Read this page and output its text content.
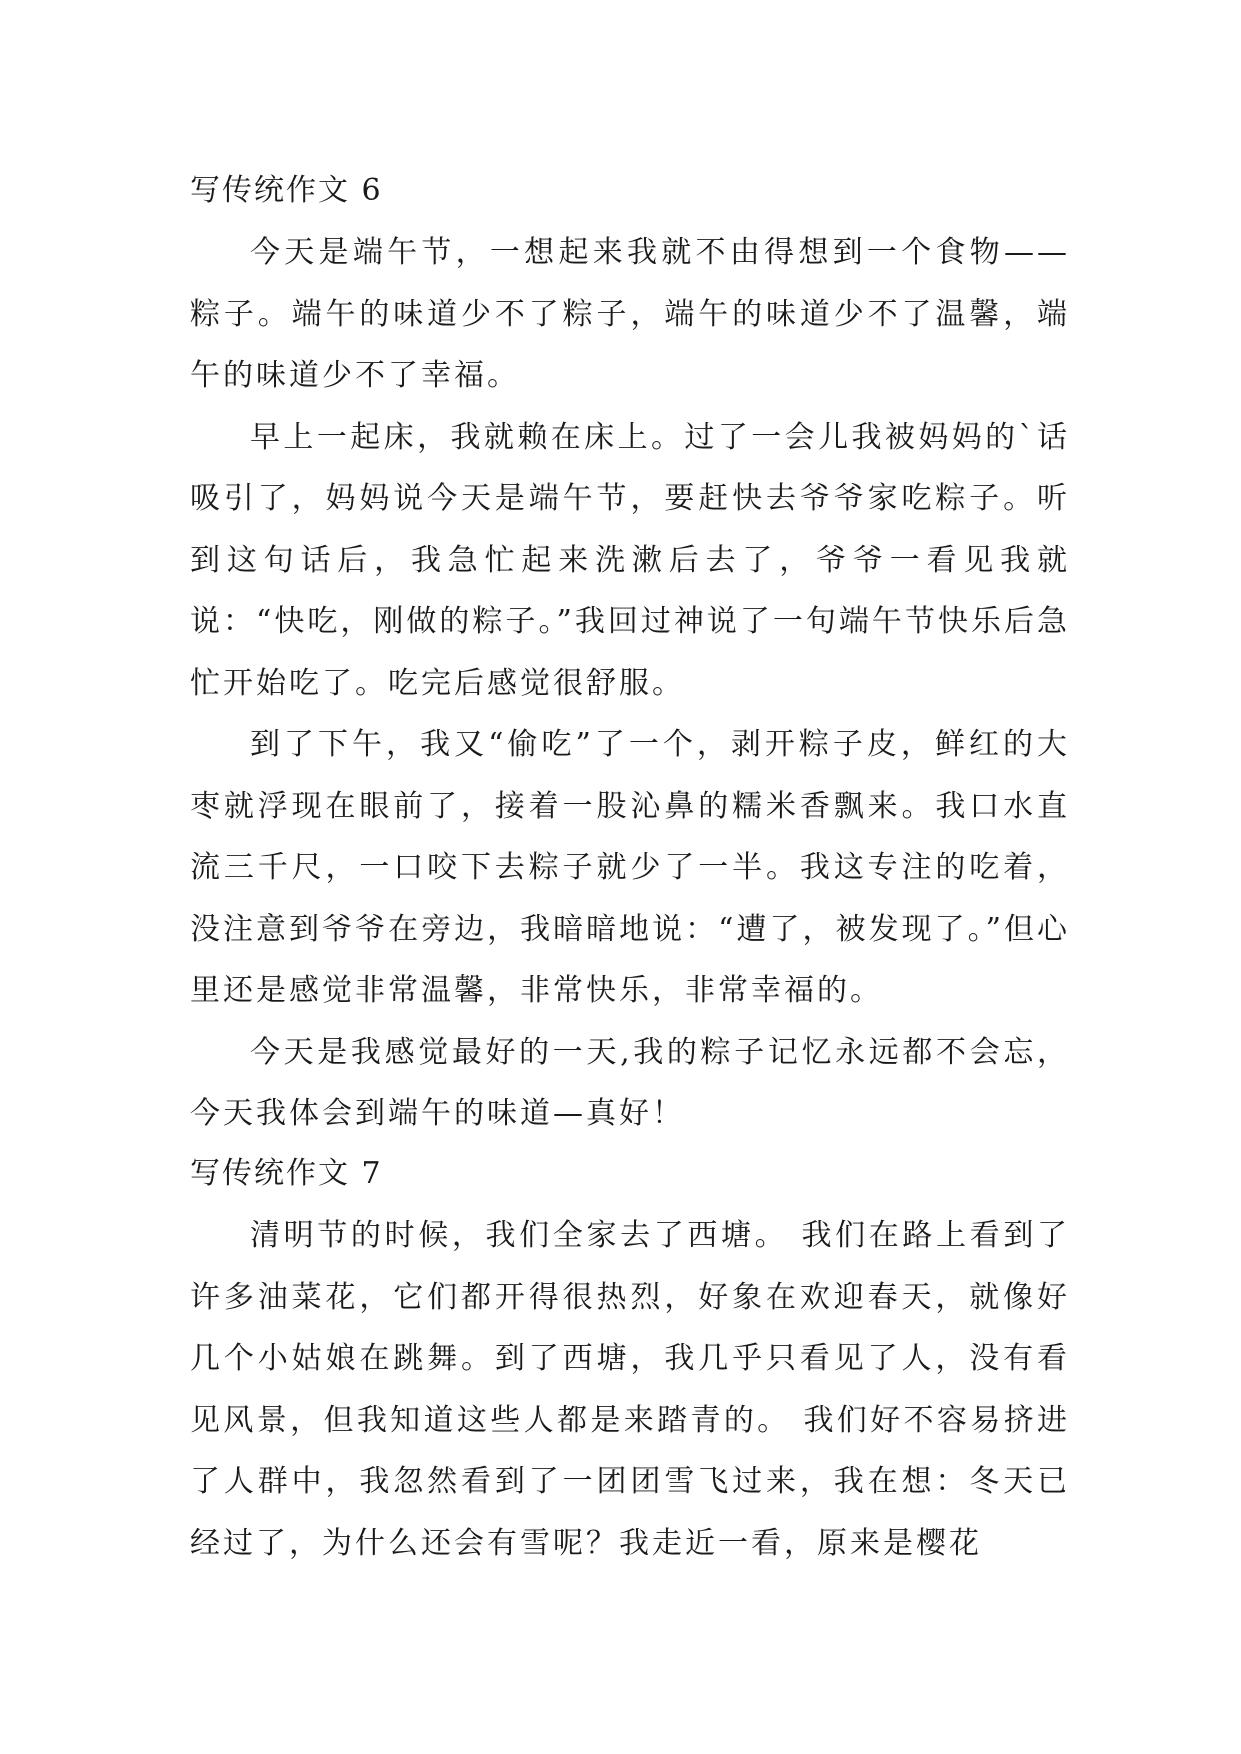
写传统作文 6

今天是端午节，一想起来我就不由得想到一个食物——粽子。端午的味道少不了粽子，端午的味道少不了温馨，端午的味道少不了幸福。

早上一起床，我就赖在床上。过了一会儿我被妈妈的`话吸引了，妈妈说今天是端午节，要赶快去爷爷家吃粽子。听到这句话后，我急忙起来洗漱后去了，爷爷一看见我就说：“快吃，刚做的粽子。”我回过神说了一句端午节快乐后急忙开始吃了。吃完后感觉很舒服。

到了下午，我又“偷吃”了一个，剥开粽子皮，鲜红的大枣就浮现在眼前了，接着一股沁鼻的糯米香飘来。我口水直流三千尺，一口咬下去粽子就少了一半。我这专注的吃着，没注意到爷爷在旁边，我暗暗地说：“遭了，被发现了。”但心里还是感觉非常温馨，非常快乐，非常幸福的。

今天是我感觉最好的一天,我的粽子记忆永远都不会忘，今天我体会到端午的味道—真好！

写传统作文 7

清明节的时候，我们全家去了西塘。 我们在路上看到了许多油菜花，它们都开得很热烈，好象在欢迎春天，就像好几个小姑娘在跳舞。到了西塘，我几乎只看见了人，没有看见风景，但我知道这些人都是来踏青的。 我们好不容易挤进了人群中，我忽然看到了一团团雪飞过来，我在想：冬天已经过了，为什么还会有雪呢？我走近一看，原来是樱花
